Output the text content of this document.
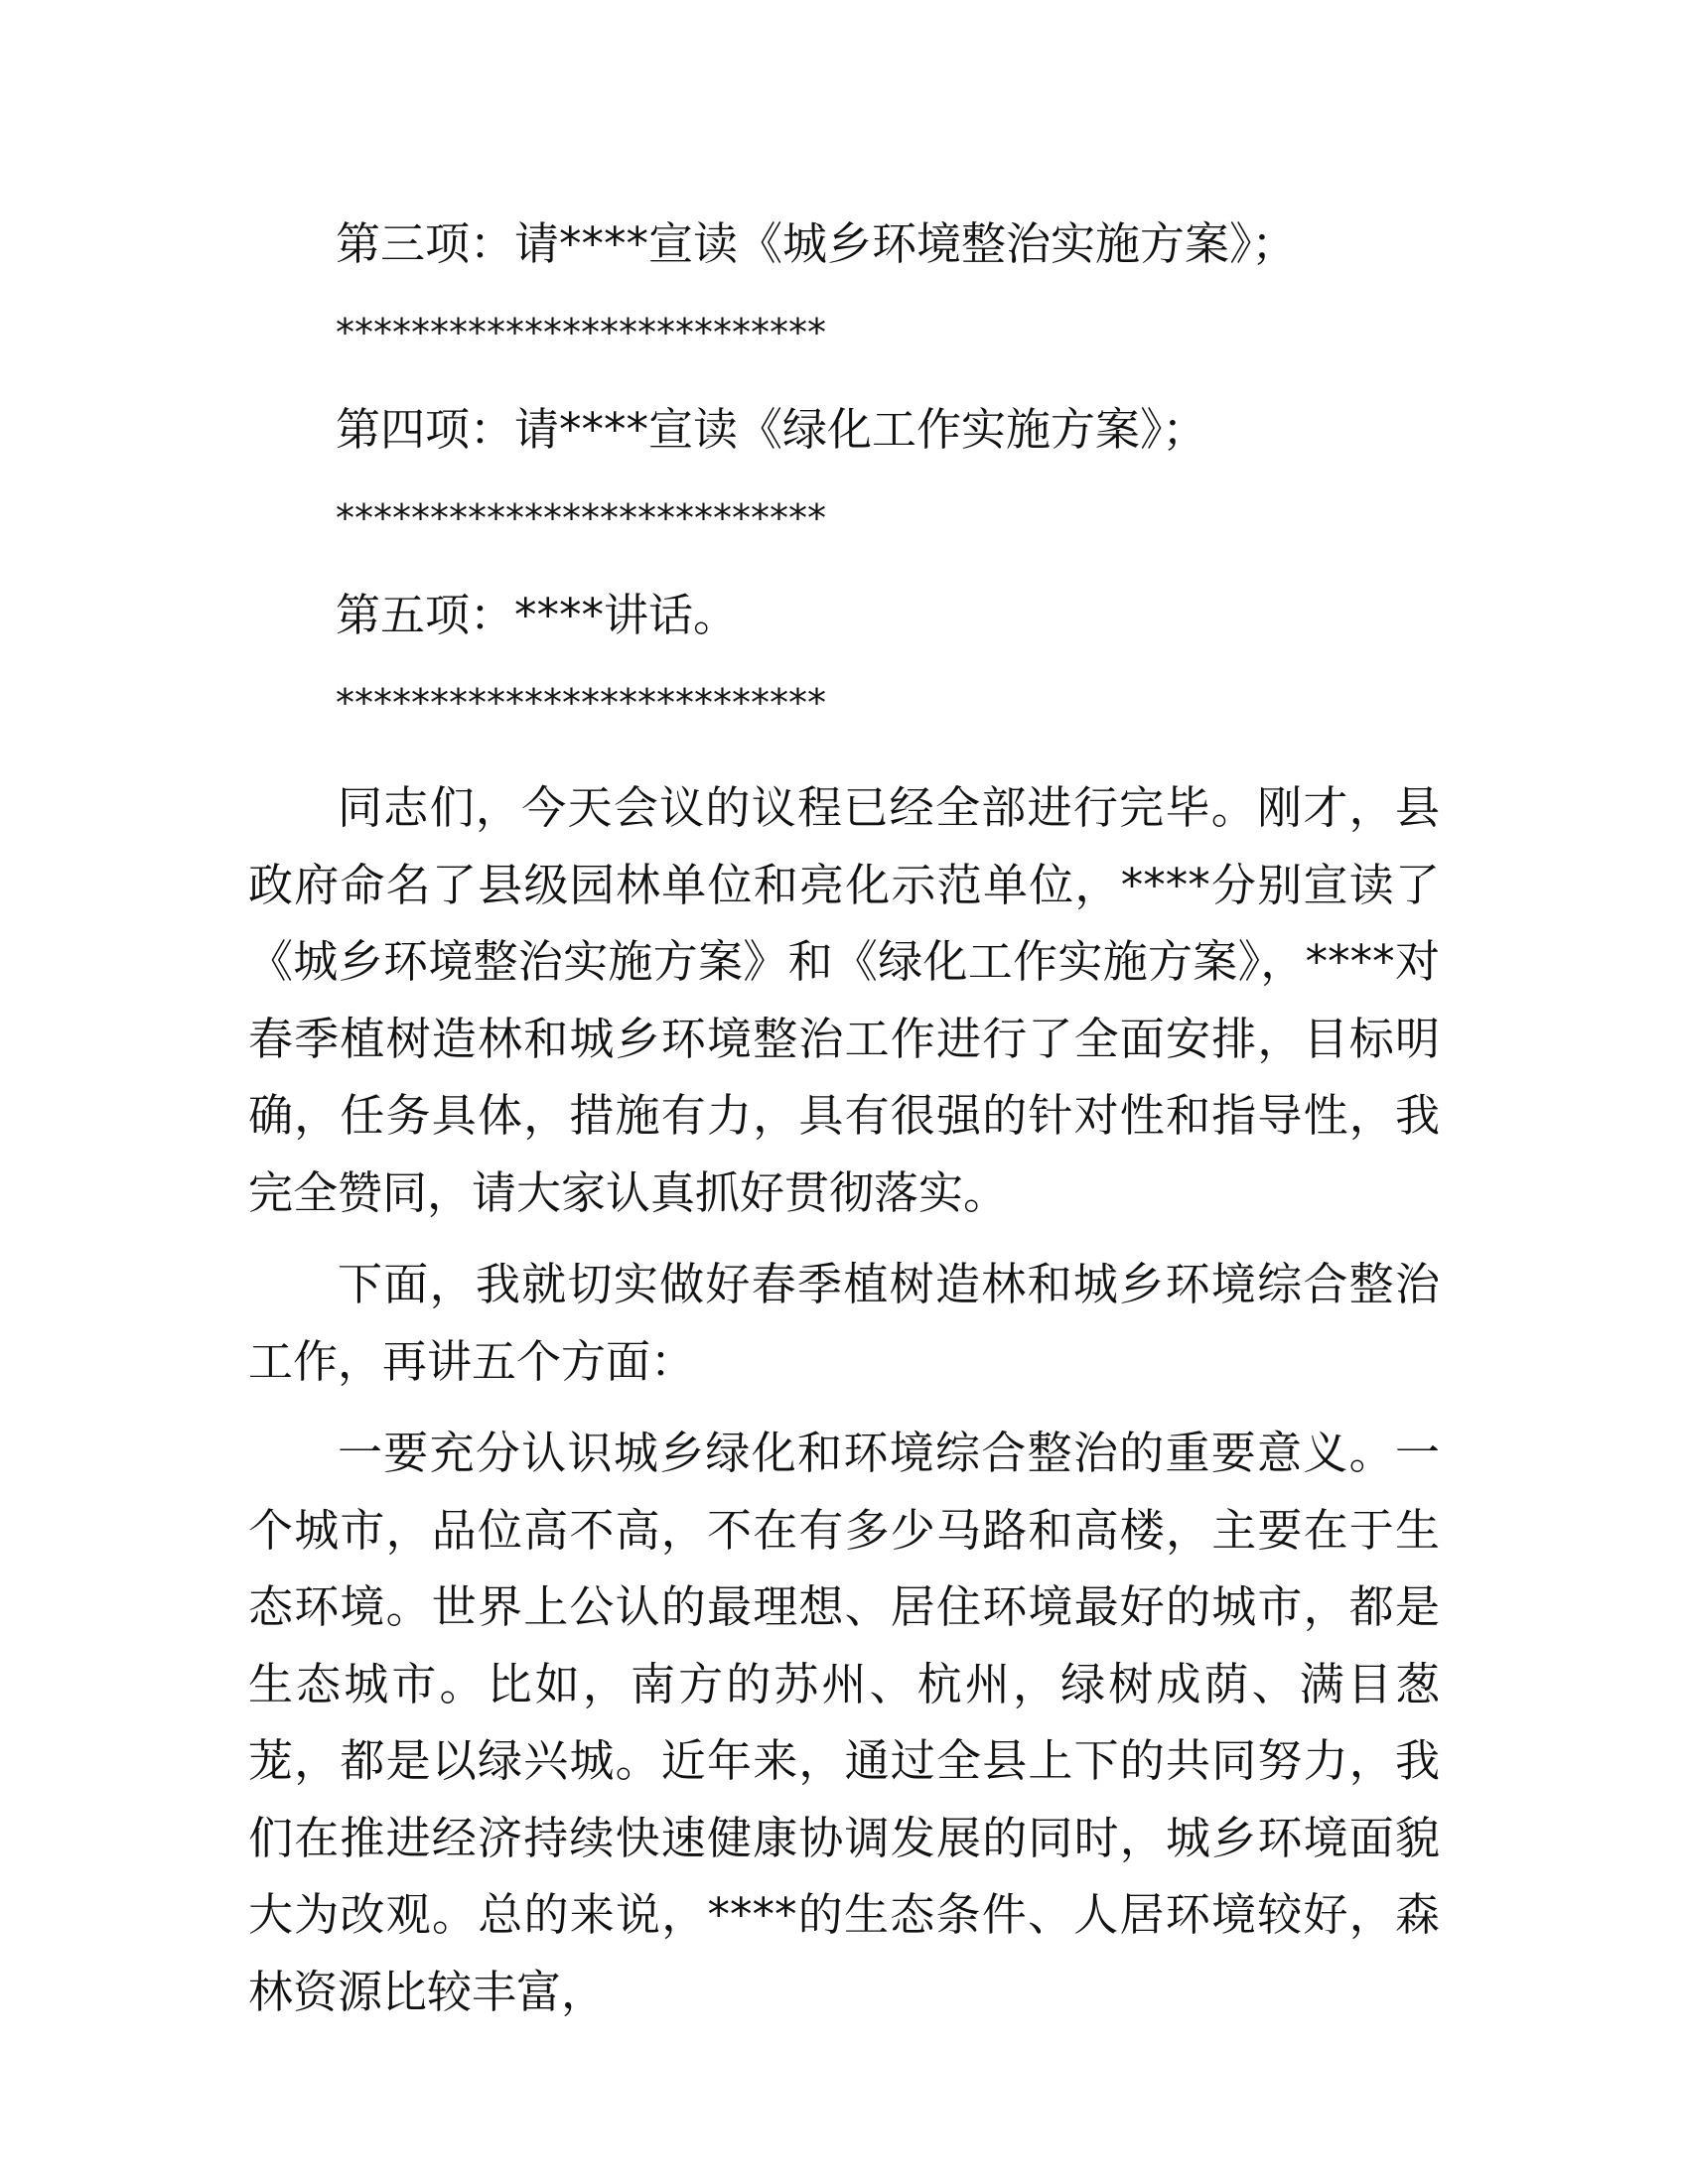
第三项：请****宣读《城乡环境整治实施方案》；
**************************
第四项：请****宣读《绿化工作实施方案》；
**************************
第五项：****讲话。
**************************
同志们，今天会议的议程已经全部进行完毕。刚才，县政府命名了县级园林单位和亮化示范单位，****分别宣读了《城乡环境整治实施方案》和《绿化工作实施方案》，****对春季植树造林和城乡环境整治工作进行了全面安排，目标明确，任务具体，措施有力，具有很强的针对性和指导性，我完全赞同，请大家认真抓好贯彻落实。
下面，我就切实做好春季植树造林和城乡环境综合整治工作，再讲五个方面：
一要充分认识城乡绿化和环境综合整治的重要意义。一个城市，品位高不高，不在有多少马路和高楼，主要在于生态环境。世界上公认的最理想、居住环境最好的城市，都是生态城市。比如，南方的苏州、杭州，绿树成荫、满目葱茏，都是以绿兴城。近年来，通过全县上下的共同努力，我们在推进经济持续快速健康协调发展的同时，城乡环境面貌大为改观。总的来说，****的生态条件、人居环境较好，森林资源比较丰富，
